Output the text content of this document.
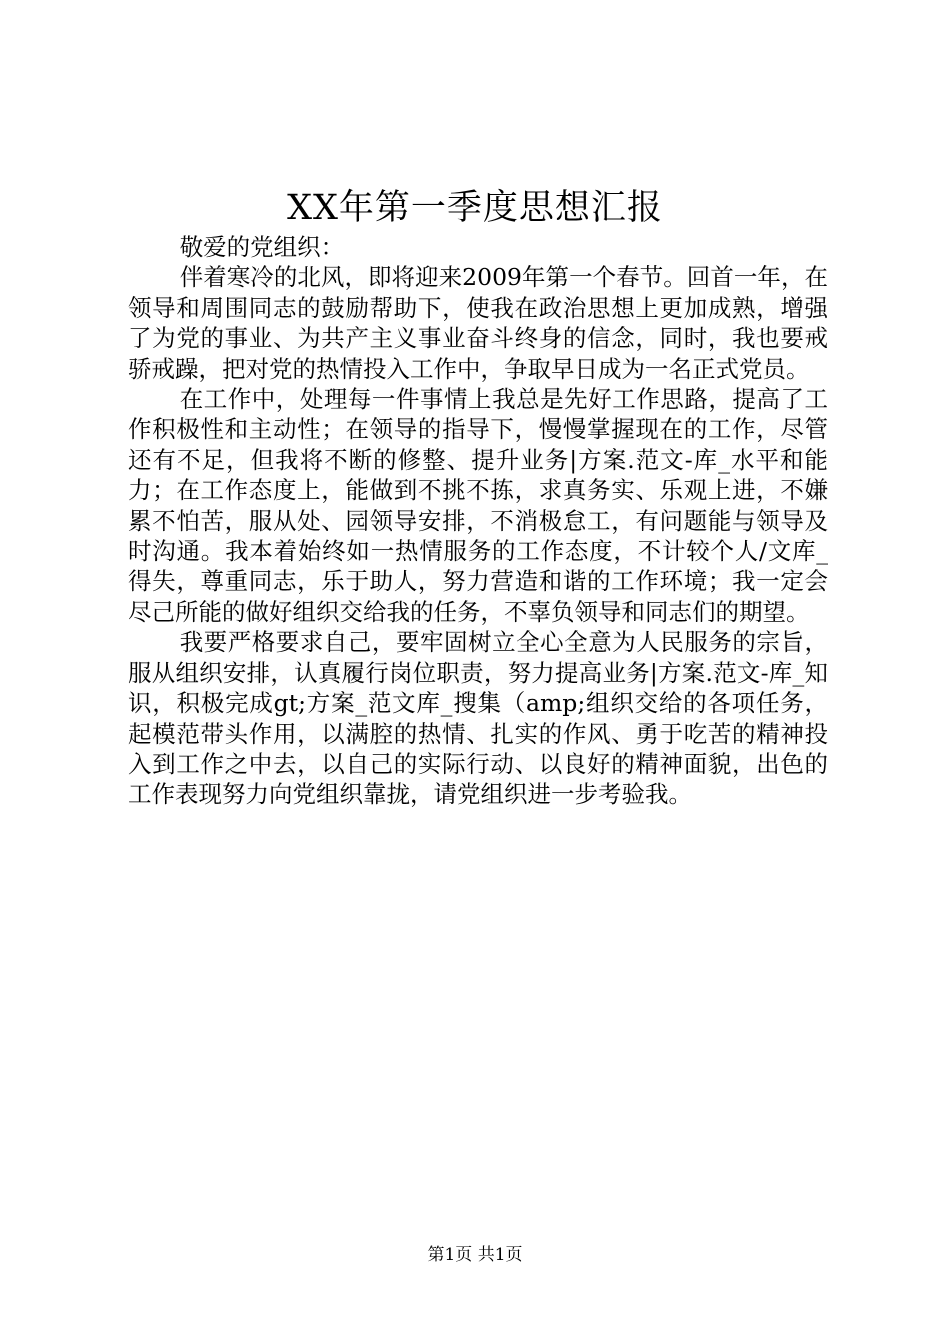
XX年第一季度思想汇报

敬爱的党组织：

伴着寒冷的北风，即将迎来2009年第一个春节。回首一年，在领导和周围同志的鼓励帮助下，使我在政治思想上更加成熟，增强了为党的事业、为共产主义事业奋斗终身的信念，同时，我也要戒骄戒躁，把对党的热情投入工作中，争取早日成为一名正式党员。

在工作中，处理每一件事情上我总是先好工作思路，提高了工作积极性和主动性；在领导的指导下，慢慢掌握现在的工作，尽管还有不足，但我将不断的修整、提升业务|方案.范文-库_水平和能力；在工作态度上，能做到不挑不拣，求真务实、乐观上进，不嫌累不怕苦，服从处、园领导安排，不消极怠工，有问题能与领导及时沟通。我本着始终如一热情服务的工作态度，不计较个人/文库_得失，尊重同志，乐于助人，努力营造和谐的工作环境；我一定会尽己所能的做好组织交给我的任务，不辜负领导和同志们的期望。

我要严格要求自己，要牢固树立全心全意为人民服务的宗旨，服从组织安排，认真履行岗位职责，努力提高业务|方案.范文-库_知识，积极完成gt;方案_范文库_搜集（amp;组织交给的各项任务，起模范带头作用，以满腔的热情、扎实的作风、勇于吃苦的精神投入到工作之中去，以自己的实际行动、以良好的精神面貌，出色的工作表现努力向党组织靠拢，请党组织进一步考验我。

第1页 共1页
